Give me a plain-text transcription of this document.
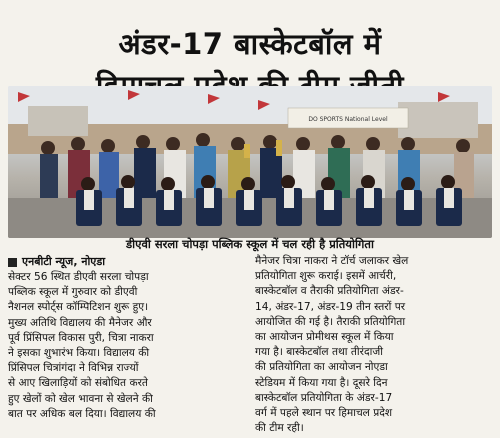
अंडर-17 बास्केटबॉल में
DO SPORTS National Level
डीएवी सरला चोपड़ा पब्लिक स्कूल में चल रही है प्रतियोगिता
एनबीटी न्यूज, नोएडा
सेक्टर 56 स्थित डीएवी सरला चोपड़ा
पब्लिक स्कूल में गुरुवार को डीएवी
नैशनल स्पोर्ट्स कॉम्पिटिशन शुरू हुए।
मुख्य अतिथि विद्यालय की मैनेजर और
पूर्व प्रिंसिपल विकास पुरी, चित्रा नाकरा
ने इसका शुभारंभ किया। विद्यालय की
प्रिंसिपल चित्रांगंदा ने विभिन्न राज्यों
से आए खिलाड़ियों को संबोधित करते
हुए खेलों को खेल भावना से खेलने की
बात पर अधिक बल दिया। विद्यालय की
मैनेजर चित्रा नाकरा ने टॉर्च जलाकर खेल
प्रतियोगिता शुरू कराई। इसमें आर्चरी,
बास्केटबॉल व तैराकी प्रतियोगिता अंडर-
14, अंडर-17, अंडर-19 तीन स्तरों पर
आयोजित की गई है। तैराकी प्रतियोगिता
का आयोजन प्रोमीथस स्कूल में किया
गया है। बास्केटबॉल तथा तीरंदाजी
की प्रतियोगिता का आयोजन नोएडा
स्टेडियम में किया गया है। दूसरे दिन
बास्केटबॉल प्रतियोगिता के अंडर-17
वर्ग में पहले स्थान पर हिमाचल प्रदेश
की टीम रही।
